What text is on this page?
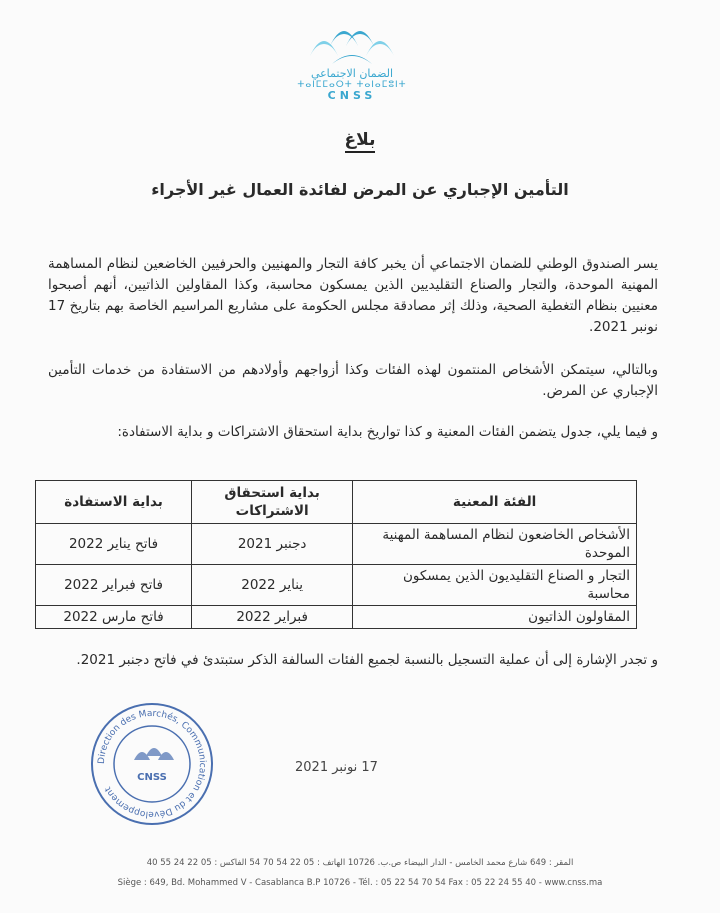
الضمان الاجتماعي
ⵜⴰⵏⵎⵎⴰⵔⵜ ⵜⴰⵏⴰⵎⵓⵏⵜ
CNSS
بلاغ
التأمين الإجباري عن المرض لفائدة العمال غير الأجراء
يسر الصندوق الوطني للضمان الاجتماعي أن يخبر كافة التجار والمهنيين والحرفيين الخاضعين لنظام المساهمة المهنية الموحدة، والتجار والصناع التقليديين الذين يمسكون محاسبة، وكذا المقاولين الذاتيين، أنهم أصبحوا معنيين بنظام التغطية الصحية، وذلك إثر مصادقة مجلس الحكومة على مشاريع المراسيم الخاصة بهم بتاريخ 17 نونبر 2021.
وبالتالي، سيتمكن الأشخاص المنتمون لهذه الفئات وكذا أزواجهم وأولادهم من الاستفادة من خدمات التأمين الإجباري عن المرض.
و فيما يلي، جدول يتضمن الفئات المعنية و كذا تواريخ بداية استحقاق الاشتراكات و بداية الاستفادة:
الفئة المعنية	بداية استحقاق الاشتراكات	بداية الاستفادة
الأشخاص الخاضعون لنظام المساهمة المهنية الموحدة	دجنبر 2021	فاتح يناير 2022
التجار و الصناع التقليديون الذين يمسكون محاسبة	يناير 2022	فاتح فبراير 2022
المقاولون الذاتيون	فبراير 2022	فاتح مارس 2022
و تجدر الإشارة إلى أن عملية التسجيل بالنسبة لجميع الفئات السالفة الذكر ستبتدئ في فاتح دجنبر 2021.
Direction des Marchés, Communication et du Développement
CNSS
17 نونبر 2021
المقر : 649 شارع محمد الخامس - الدار البيضاء ص.ب. 10726 الهاتف : 05 22 54 70 54 الفاكس : 05 22 24 55 40
Siège : 649, Bd. Mohammed V - Casablanca B.P 10726 - Tél. : 05 22 54 70 54 Fax : 05 22 24 55 40 - www.cnss.ma
